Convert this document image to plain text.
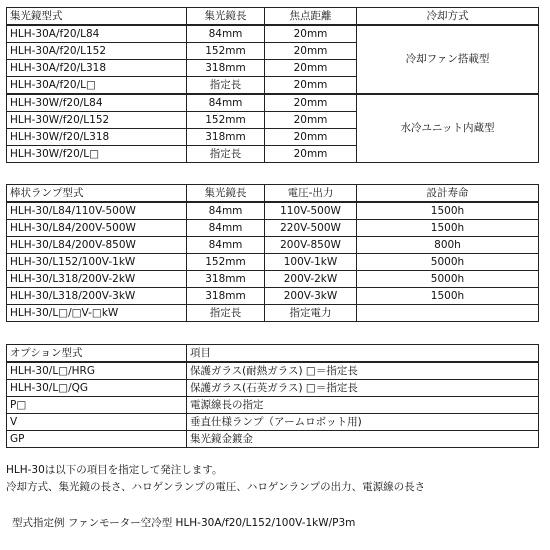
集光鏡型式	集光鏡長	焦点距離	冷却方式
HLH-30A/f20/L84	84mm	20mm	冷却ファン搭載型
HLH-30A/f20/L152	152mm	20mm	
HLH-30A/f20/L318	318mm	20mm	
HLH-30A/f20/L□	指定長	20mm	
HLH-30W/f20/L84	84mm	20mm	水冷ユニット内蔵型
HLH-30W/f20/L152	152mm	20mm	
HLH-30W/f20/L318	318mm	20mm	
HLH-30W/f20/L□	指定長	20mm	
棒状ランプ型式	集光鏡長	電圧-出力	設計寿命
HLH-30/L84/110V-500W	84mm	110V-500W	1500h
HLH-30/L84/200V-500W	84mm	220V-500W	1500h
HLH-30/L84/200V-850W	84mm	200V-850W	800h
HLH-30/L152/100V-1kW	152mm	100V-1kW	5000h
HLH-30/L318/200V-2kW	318mm	200V-2kW	5000h
HLH-30/L318/200V-3kW	318mm	200V-3kW	1500h
HLH-30/L□/□V-□kW	指定長	指定電力	
オプション型式	項目
HLH-30/L□/HRG	保護ガラス(耐熱ガラス) □＝指定長
HLH-30/L□/QG	保護ガラス(石英ガラス) □＝指定長
P□	電源線長の指定
V	垂直仕様ランプ（アームロボット用)
GP	集光鏡金鍍金
HLH-30は以下の項目を指定して発注します。
冷却方式、集光鏡の長さ、ハロゲンランプの電圧、ハロゲンランプの出力、電源線の長さ
型式指定例 ファンモーター空冷型 HLH-30A/f20/L152/100V-1kW/P3m
